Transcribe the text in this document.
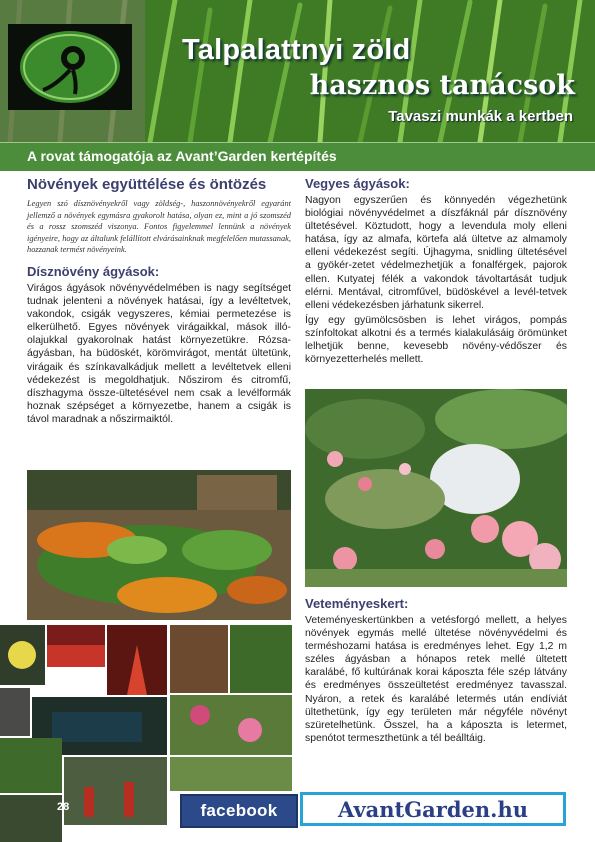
Talpalattnyi zöld
hasznos tanácsok
Tavaszi munkák a kertben
A rovat támogatója az Avant’Garden kertépítés
Növények együttélése és öntözés

Legyen szó dísznövényekről vagy zöldség-, haszonnövényekről egyaránt jellemző a növények egymásra gyakorolt hatása, olyan ez, mint a jó szomszéd és a rossz szomszéd viszonya. Fontos figyelemmel lennünk a növények igényeire, hogy az általunk felállított elvárásainknak megfelelően mutassanak, hozzanak termést növényeink.

Dísznövény ágyások:

Virágos ágyások növényvédelmében is nagy segítséget tudnak jelenteni a növények hatásai, így a levéltetvek, vakondok, csigák vegyszeres, kémiai permetezése is elkerülhető. Egyes növények virágaikkal, mások illó-olajukkal gyakorolnak hatást környezetükre. Rózsa-ágyásban, ha büdöskét, körömvirágot, mentát ültetünk, virágaik és színkavalkádjuk mellett a levéltetvek elleni védekezést is megoldhatjuk. Nőszirom és citromfű, díszhagyma össze-ültetésével nem csak a levélformák hoznak szépséget a környezetbe, hanem a csigák is távol maradnak a nőszirmaiktól.

28
Vegyes ágyások:

Nagyon egyszerűen és könnyedén végezhetünk biológiai növényvédelmet a díszfáknál pár dísznövény ültetésével. Köztudott, hogy a levendula moly elleni hatása, így az almafa, körtefa alá ültetve az almamoly elleni védekezést segíti. Újhagyma, snidling ültetésével a gyökér-zetet védelmezhetjük a fonalférgek, pajorok ellen. Kutyatej félék a vakondok távoltartását tudjuk elérni. Mentával, citromfűvel, büdöskével a levél-tetvek elleni védekezésben járhatunk sikerrel.

Így egy gyümölcsösben is lehet virágos, pompás színfoltokat alkotni és a termés kialakulásáig örömünket lelhetjük benne, kevesebb növény-védőszer és környezetterhelés mellett.

Veteményeskert:

Veteményeskertünkben a vetésforgó mellett, a helyes növények egymás mellé ültetése növényvédelmi és terméshozami hatása is eredményes lehet. Egy 1,2 m széles ágyásban a hónapos retek mellé ültetett karalábé, fő kultúrának korai káposzta féle szép látvány és eredményes összeültetést eredményez tavasszal. Nyáron, a retek és karalábé letermés után endíviát ültethetünk, így egy területen már négyféle növényt szüretelhetünk. Ősszel, ha a káposzta is letermet, spenótot termeszthetünk a tél beálltáig.

facebook	AvantGarden.hu
